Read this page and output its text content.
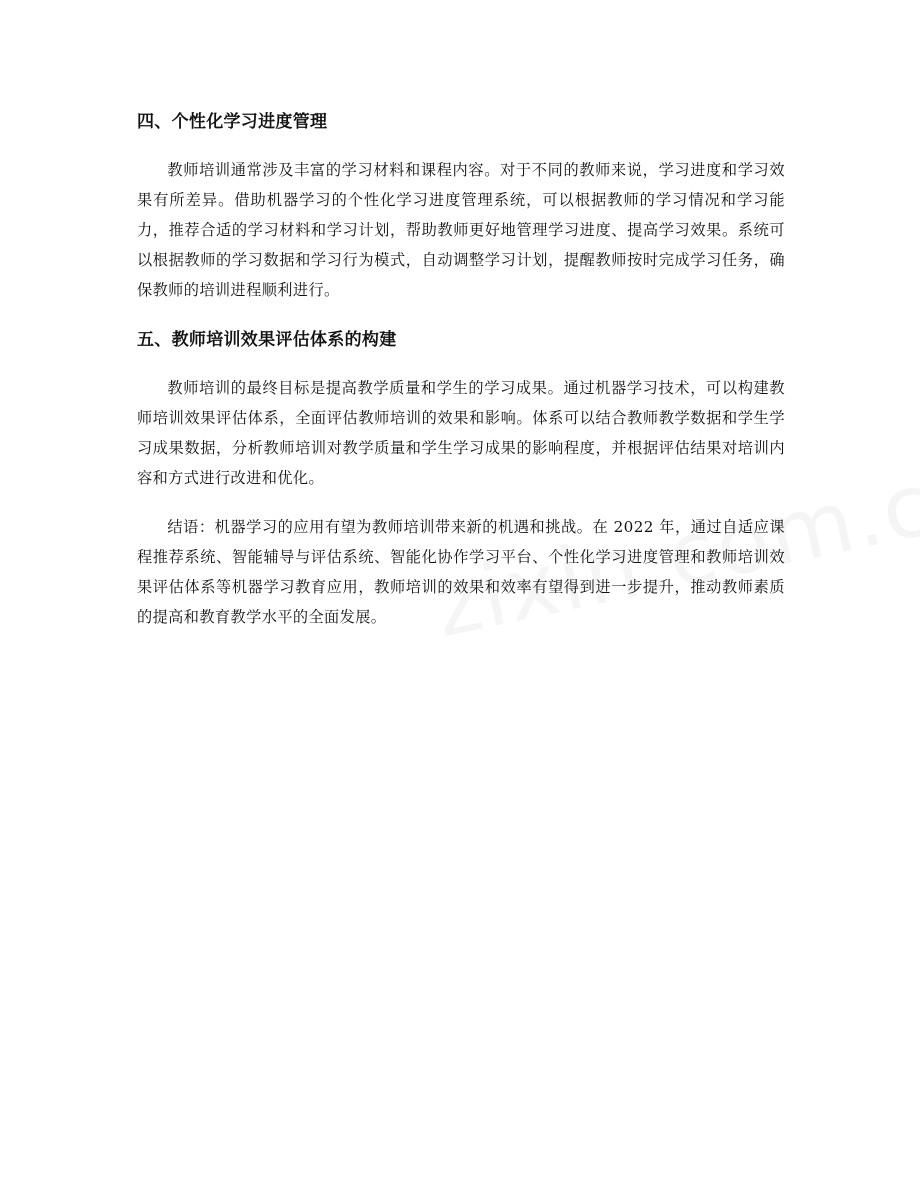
四、个性化学习进度管理

教师培训通常涉及丰富的学习材料和课程内容。对于不同的教师来说，学习进度和学习效果有所差异。借助机器学习的个性化学习进度管理系统，可以根据教师的学习情况和学习能力，推荐合适的学习材料和学习计划，帮助教师更好地管理学习进度、提高学习效果。系统可以根据教师的学习数据和学习行为模式，自动调整学习计划，提醒教师按时完成学习任务，确保教师的培训进程顺利进行。

五、教师培训效果评估体系的构建

教师培训的最终目标是提高教学质量和学生的学习成果。通过机器学习技术，可以构建教师培训效果评估体系，全面评估教师培训的效果和影响。体系可以结合教师教学数据和学生学习成果数据，分析教师培训对教学质量和学生学习成果的影响程度，并根据评估结果对培训内容和方式进行改进和优化。

结语：机器学习的应用有望为教师培训带来新的机遇和挑战。在 2022 年，通过自适应课程推荐系统、智能辅导与评估系统、智能化协作学习平台、个性化学习进度管理和教师培训效果评估体系等机器学习教育应用，教师培训的效果和效率有望得到进一步提升，推动教师素质的提高和教育教学水平的全面发展。
